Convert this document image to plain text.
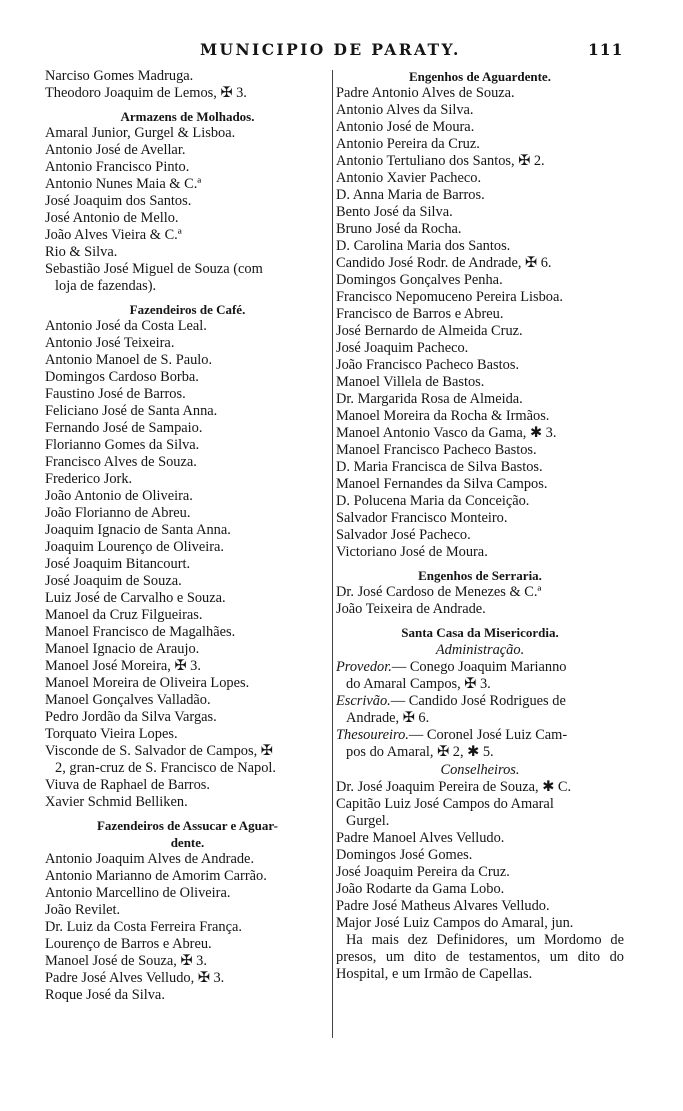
MUNICIPIO DE PARATY.	111
Narciso Gomes Madruga.
Theodoro Joaquim de Lemos, ✠ 3.
Armazens de Molhados.
Amaral Junior, Gurgel & Lisboa.
Antonio José de Avellar.
Antonio Francisco Pinto.
Antonio Nunes Maia & C.ª
José Joaquim dos Santos.
José Antonio de Mello.
João Alves Vieira & C.ª
Rio & Silva.
Sebastião José Miguel de Souza (com
loja de fazendas).
Fazendeiros de Café.
Antonio José da Costa Leal.
Antonio José Teixeira.
Antonio Manoel de S. Paulo.
Domingos Cardoso Borba.
Faustino José de Barros.
Feliciano José de Santa Anna.
Fernando José de Sampaio.
Florianno Gomes da Silva.
Francisco Alves de Souza.
Frederico Jork.
João Antonio de Oliveira.
João Florianno de Abreu.
Joaquim Ignacio de Santa Anna.
Joaquim Lourenço de Oliveira.
José Joaquim Bitancourt.
José Joaquim de Souza.
Luiz José de Carvalho e Souza.
Manoel da Cruz Filgueiras.
Manoel Francisco de Magalhães.
Manoel Ignacio de Araujo.
Manoel José Moreira, ✠ 3.
Manoel Moreira de Oliveira Lopes.
Manoel Gonçalves Valladão.
Pedro Jordão da Silva Vargas.
Torquato Vieira Lopes.
Visconde de S. Salvador de Campos, ✠
2, gran-cruz de S. Francisco de Napol.
Viuva de Raphael de Barros.
Xavier Schmid Belliken.
Fazendeiros de Assucar e Aguar-
dente.
Antonio Joaquim Alves de Andrade.
Antonio Marianno de Amorim Carrão.
Antonio Marcellino de Oliveira.
João Revilet.
Dr. Luiz da Costa Ferreira França.
Lourenço de Barros e Abreu.
Manoel José de Souza, ✠ 3.
Padre José Alves Velludo, ✠ 3.
Roque José da Silva.
Engenhos de Aguardente.
Padre Antonio Alves de Souza.
Antonio Alves da Silva.
Antonio José de Moura.
Antonio Pereira da Cruz.
Antonio Tertuliano dos Santos, ✠ 2.
Antonio Xavier Pacheco.
D. Anna Maria de Barros.
Bento José da Silva.
Bruno José da Rocha.
D. Carolina Maria dos Santos.
Candido José Rodr. de Andrade, ✠ 6.
Domingos Gonçalves Penha.
Francisco Nepomuceno Pereira Lisboa.
Francisco de Barros e Abreu.
José Bernardo de Almeida Cruz.
José Joaquim Pacheco.
João Francisco Pacheco Bastos.
Manoel Villela de Bastos.
Dr. Margarida Rosa de Almeida.
Manoel Moreira da Rocha & Irmãos.
Manoel Antonio Vasco da Gama, ✱ 3.
Manoel Francisco Pacheco Bastos.
D. Maria Francisca de Silva Bastos.
Manoel Fernandes da Silva Campos.
D. Polucena Maria da Conceição.
Salvador Francisco Monteiro.
Salvador José Pacheco.
Victoriano José de Moura.
Engenhos de Serraria.
Dr. José Cardoso de Menezes & C.ª
João Teixeira de Andrade.
Santa Casa da Misericordia.
Administração.
Provedor.— Conego Joaquim Marianno
do Amaral Campos, ✠ 3.
Escrivão.— Candido José Rodrigues de
Andrade, ✠ 6.
Thesoureiro.— Coronel José Luiz Cam-
pos do Amaral, ✠ 2, ✱ 5.
Conselheiros.
Dr. José Joaquim Pereira de Souza, ✱ C.
Capitão Luiz José Campos do Amaral
Gurgel.
Padre Manoel Alves Velludo.
Domingos José Gomes.
José Joaquim Pereira da Cruz.
João Rodarte da Gama Lobo.
Padre José Matheus Alvares Velludo.
Major José Luiz Campos do Amaral, jun.
Ha mais dez Definidores, um Mordomo de presos, um dito de testamentos, um dito do Hospital, e um Irmão de Capellas.
